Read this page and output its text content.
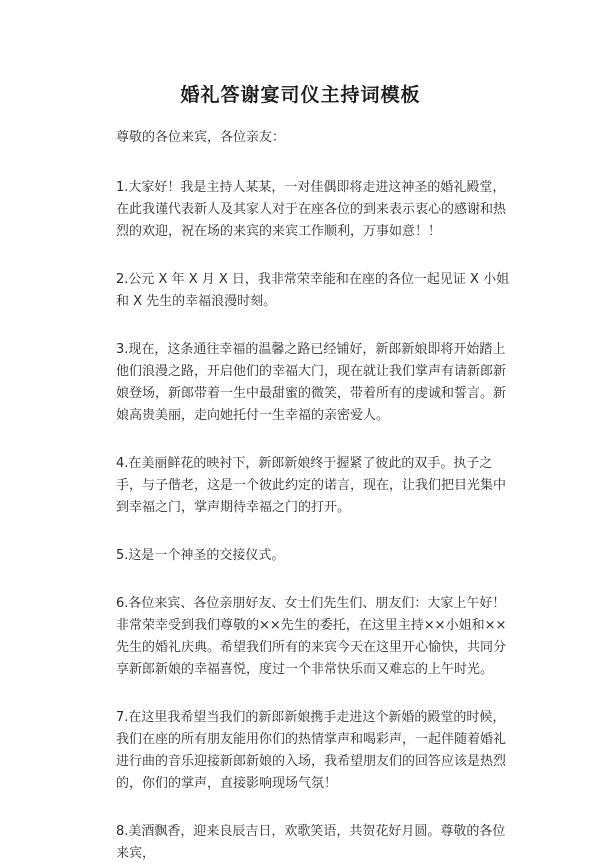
婚礼答谢宴司仪主持词模板

尊敬的各位来宾，各位亲友：

1.大家好！我是主持人某某，一对佳偶即将走进这神圣的婚礼殿堂，在此我谨代表新人及其家人对于在座各位的到来表示衷心的感谢和热烈的欢迎，祝在场的来宾的来宾工作顺利，万事如意！！

2.公元 X 年 X 月 X 日，我非常荣幸能和在座的各位一起见证 X 小姐和 X 先生的幸福浪漫时刻。

3.现在，这条通往幸福的温馨之路已经铺好，新郎新娘即将开始踏上他们浪漫之路，开启他们的幸福大门，现在就让我们掌声有请新郎新娘登场，新郎带着一生中最甜蜜的微笑，带着所有的虔诚和誓言。新娘高贵美丽，走向她托付一生幸福的亲密爱人。

4.在美丽鲜花的映衬下，新郎新娘终于握紧了彼此的双手。执子之手，与子偕老，这是一个彼此约定的诺言，现在，让我们把目光集中到幸福之门，掌声期待幸福之门的打开。

5.这是一个神圣的交接仪式。

6.各位来宾、各位亲朋好友、女士们先生们、朋友们：大家上午好！非常荣幸受到我们尊敬的××先生的委托，在这里主持××小姐和××先生的婚礼庆典。希望我们所有的来宾今天在这里开心愉快，共同分享新郎新娘的幸福喜悦，度过一个非常快乐而又难忘的上午时光。

7.在这里我希望当我们的新郎新娘携手走进这个新婚的殿堂的时候，我们在座的所有朋友能用你们的热情掌声和喝彩声，一起伴随着婚礼进行曲的音乐迎接新郎新娘的入场，我希望朋友们的回答应该是热烈的，你们的掌声，直接影响现场气氛！

8.美酒飘香，迎来良辰吉日，欢歌笑语，共贺花好月圆。尊敬的各位来宾，
